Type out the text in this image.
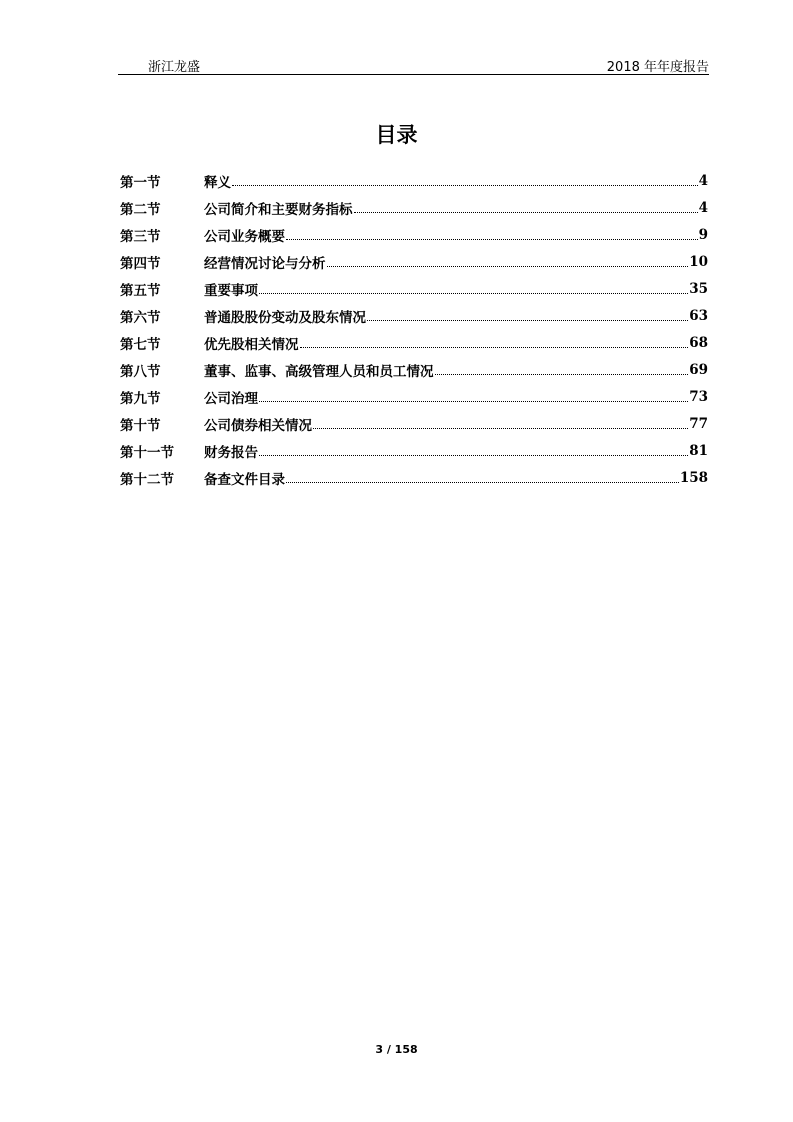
浙江龙盛	2018 年年度报告
目录
第一节	释义	4
第二节	公司简介和主要财务指标	4
第三节	公司业务概要	9
第四节	经营情况讨论与分析	10
第五节	重要事项	35
第六节	普通股股份变动及股东情况	63
第七节	优先股相关情况	68
第八节	董事、监事、高级管理人员和员工情况	69
第九节	公司治理	73
第十节	公司债券相关情况	77
第十一节	财务报告	81
第十二节	备查文件目录	158
3 / 158
